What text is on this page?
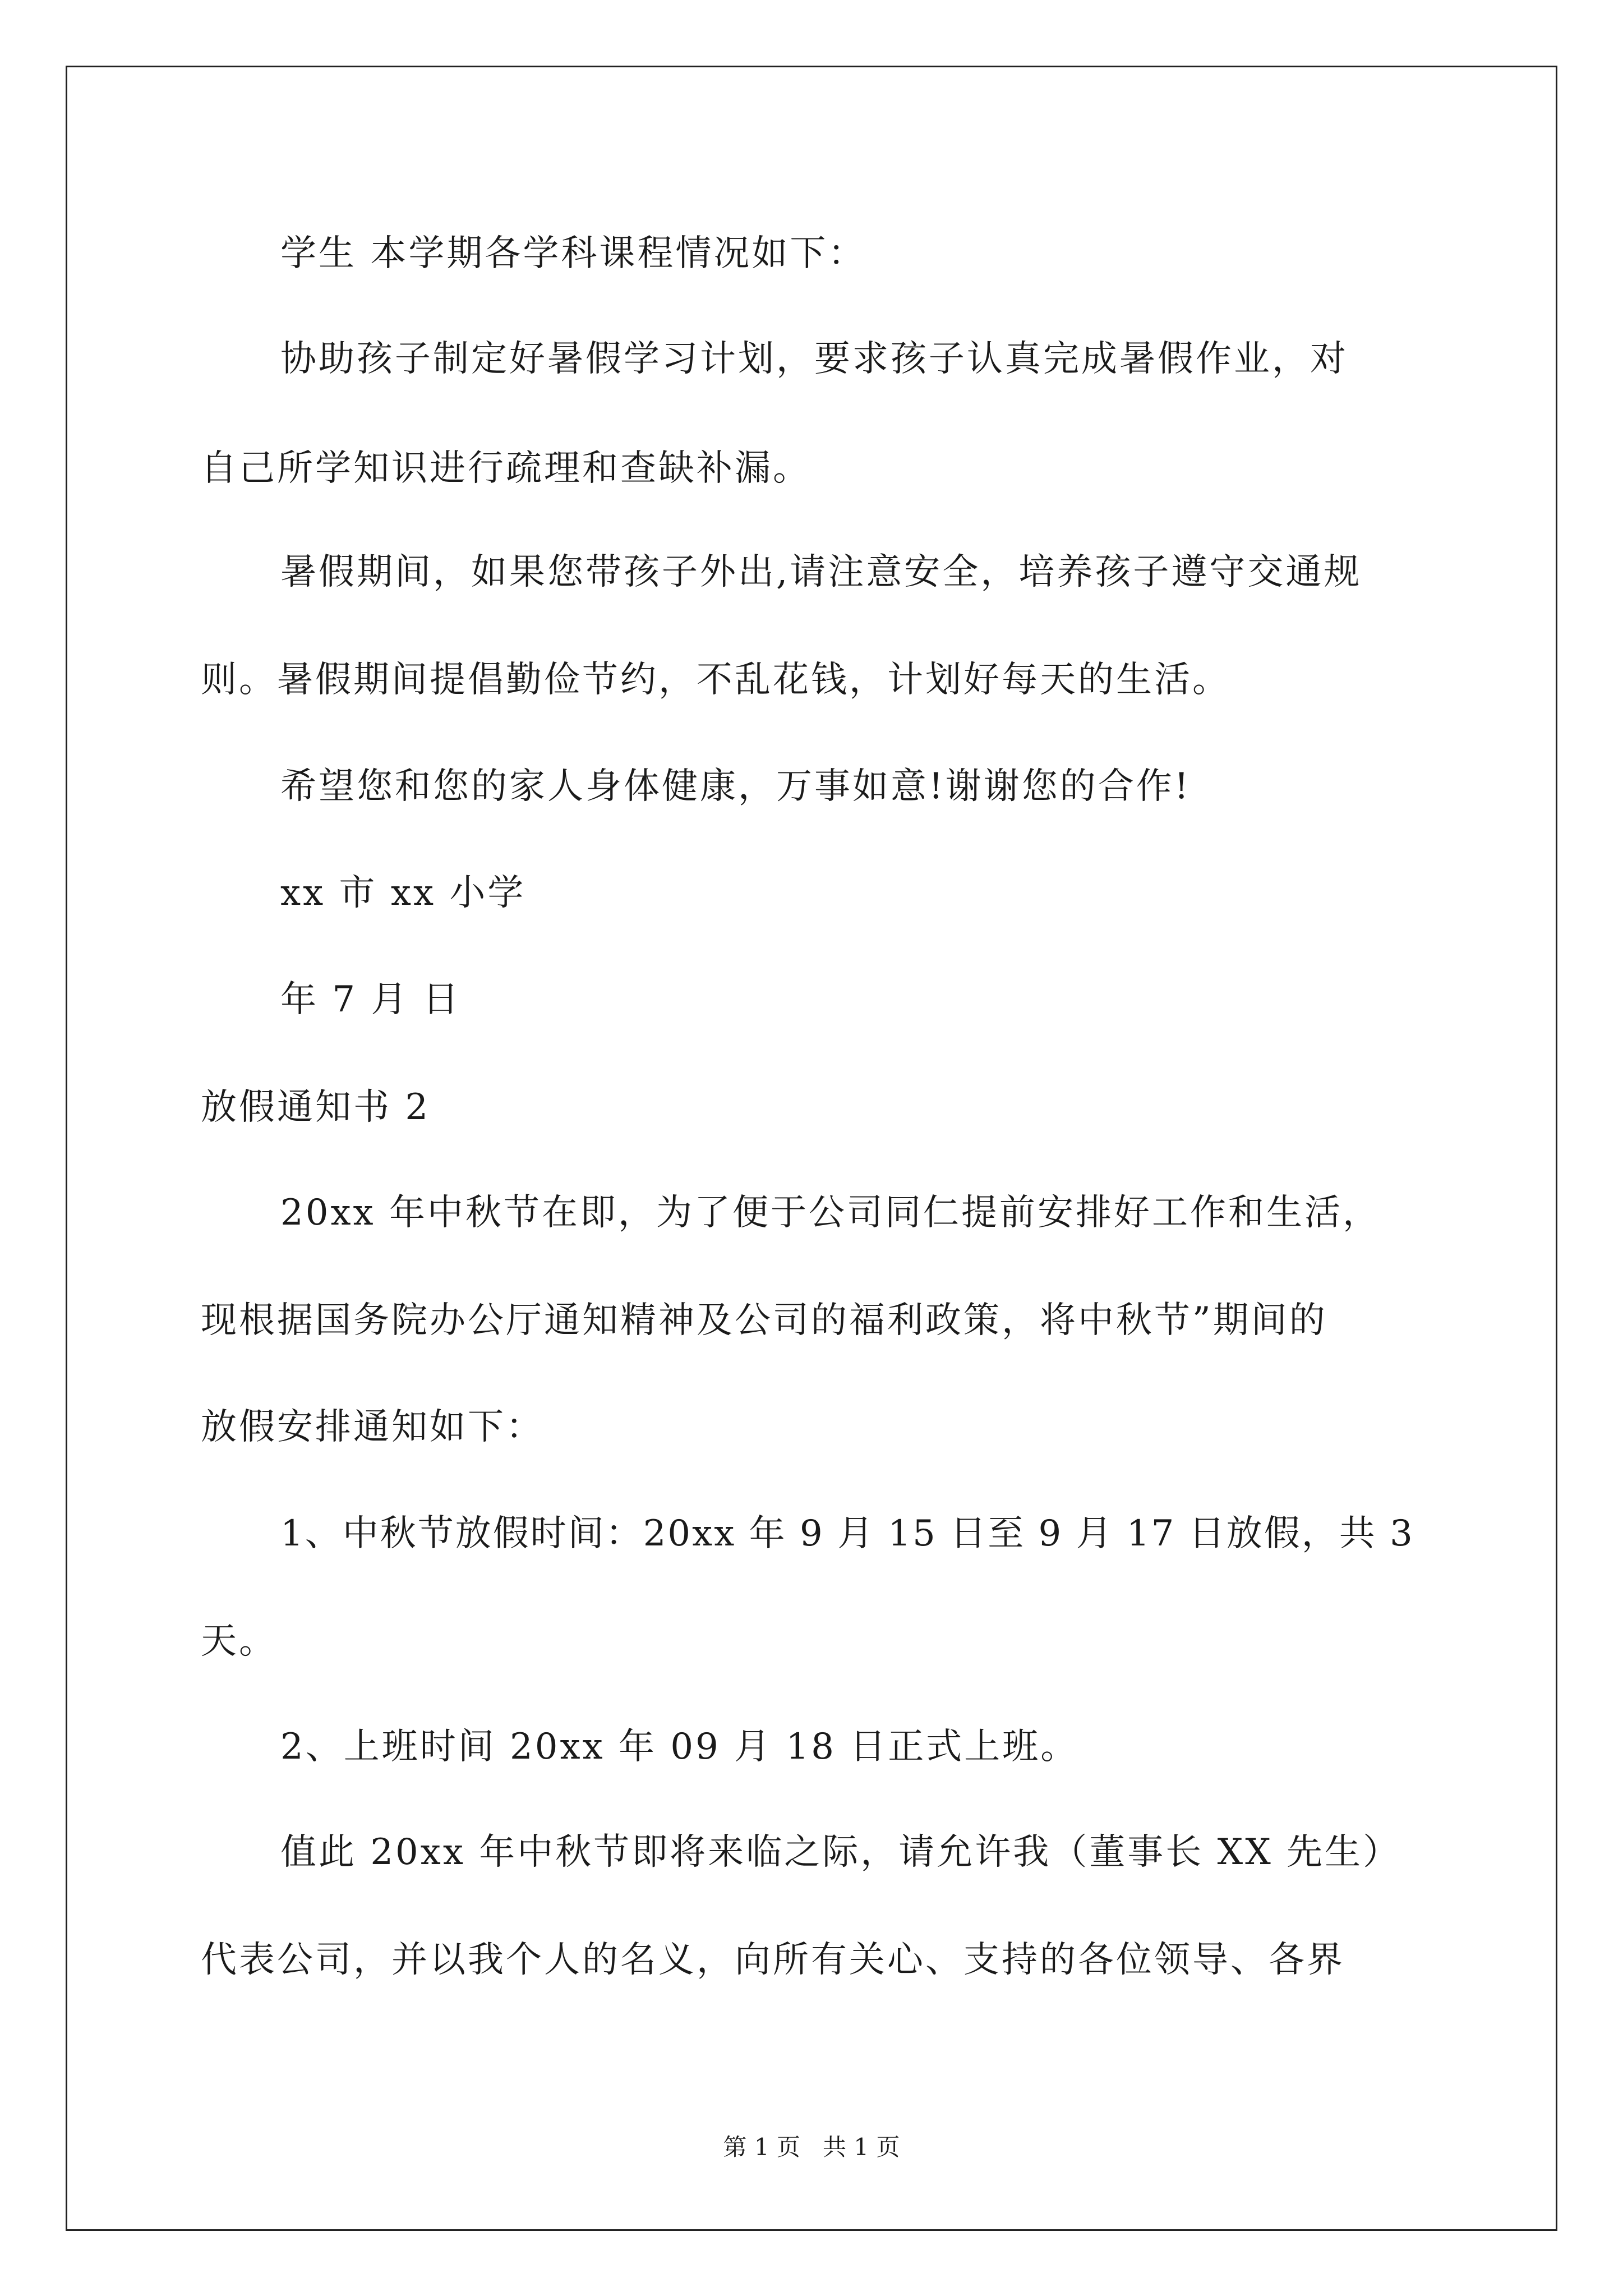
学生 本学期各学科课程情况如下：
协助孩子制定好暑假学习计划，要求孩子认真完成暑假作业，对
自己所学知识进行疏理和查缺补漏。
暑假期间，如果您带孩子外出,请注意安全，培养孩子遵守交通规
则。暑假期间提倡勤俭节约，不乱花钱，计划好每天的生活。
希望您和您的家人身体健康，万事如意!谢谢您的合作!
xx 市 xx 小学
年 7 月 日
放假通知书 2
20xx 年中秋节在即，为了便于公司同仁提前安排好工作和生活，
现根据国务院办公厅通知精神及公司的福利政策，将中秋节”期间的
放假安排通知如下：
1、中秋节放假时间：20xx 年 9 月 15 日至 9 月 17 日放假，共 3
天。
2、上班时间 20xx 年 09 月 18 日正式上班。
值此 20xx 年中秋节即将来临之际，请允许我（董事长 XX 先生）
代表公司，并以我个人的名义，向所有关心、支持的各位领导、各界
第 1 页   共 1 页
